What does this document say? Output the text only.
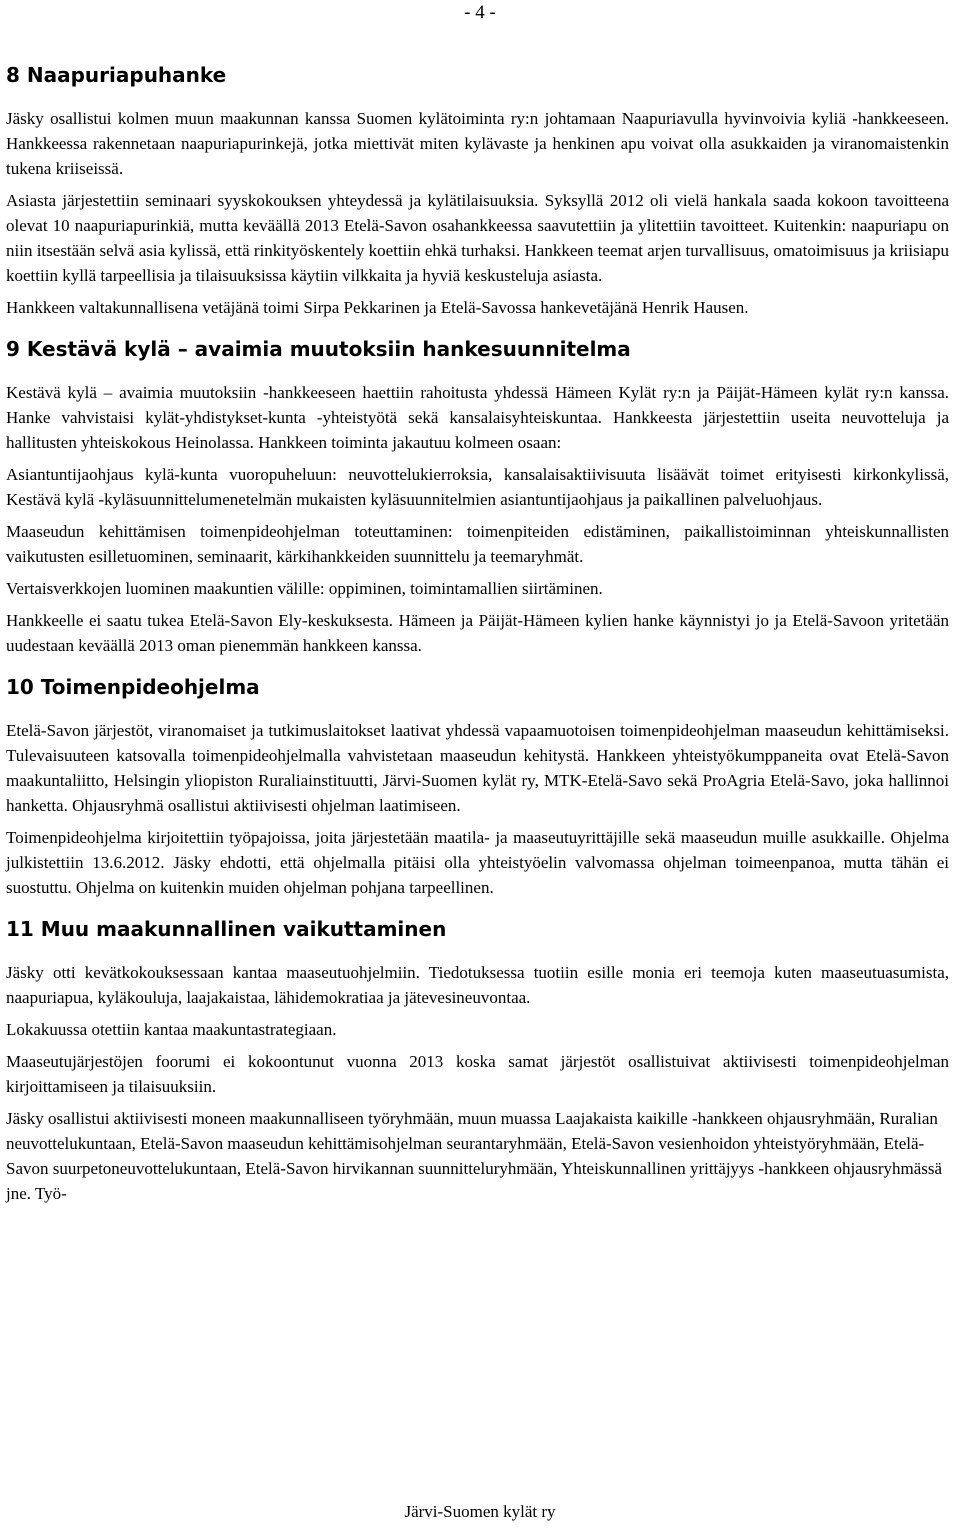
- 4 -
8 Naapuriapuhanke

Jäsky osallistui kolmen muun maakunnan kanssa Suomen kylätoiminta ry:n johtamaan Naapuriavulla hyvinvoivia kyliä -hankkeeseen. Hankkeessa rakennetaan naapuriapurinkejä, jotka miettivät miten kylävaste ja henkinen apu voivat olla asukkaiden ja viranomaistenkin tukena kriiseissä.

Asiasta järjestettiin seminaari syyskokouksen yhteydessä ja kylätilaisuuksia. Syksyllä 2012 oli vielä hankala saada kokoon tavoitteena olevat 10 naapuriapurinkiä, mutta keväällä 2013 Etelä-Savon osahankkeessa saavutettiin ja ylitettiin tavoitteet. Kuitenkin: naapuriapu on niin itsestään selvä asia kylissä, että rinkityöskentely koettiin ehkä turhaksi. Hankkeen teemat arjen turvallisuus, omatoimisuus ja kriisiapu koettiin kyllä tarpeellisia ja tilaisuuksissa käytiin vilkkaita ja hyviä keskusteluja asiasta.

Hankkeen valtakunnallisena vetäjänä toimi Sirpa Pekkarinen ja Etelä-Savossa hankevetäjänä Henrik Hausen.

9 Kestävä kylä – avaimia muutoksiin hankesuunnitelma

Kestävä kylä – avaimia muutoksiin -hankkeeseen haettiin rahoitusta yhdessä Hämeen Kylät ry:n ja Päijät-Hämeen kylät ry:n kanssa. Hanke vahvistaisi kylät-yhdistykset-kunta -yhteistyötä sekä kansalaisyhteiskuntaa. Hankkeesta järjestettiin useita neuvotteluja ja hallitusten yhteiskokous Heinolassa. Hankkeen toiminta jakautuu kolmeen osaan:

Asiantuntijaohjaus kylä-kunta vuoropuheluun: neuvottelukierroksia, kansalaisaktiivisuuta lisäävät toimet erityisesti kirkonkylissä, Kestävä kylä -kyläsuunnittelumenetelmän mukaisten kyläsuunnitelmien asiantuntijaohjaus ja paikallinen palveluohjaus.

Maaseudun kehittämisen toimenpideohjelman toteuttaminen: toimenpiteiden edistäminen, paikallistoiminnan yhteiskunnallisten vaikutusten esilletuominen, seminaarit, kärkihankkeiden suunnittelu ja teemaryhmät.

Vertaisverkkojen luominen maakuntien välille: oppiminen, toimintamallien siirtäminen.

Hankkeelle ei saatu tukea Etelä-Savon Ely-keskuksesta. Hämeen ja Päijät-Hämeen kylien hanke käynnistyi jo ja Etelä-Savoon yritetään uudestaan keväällä 2013 oman pienemmän hankkeen kanssa.

10 Toimenpideohjelma

Etelä-Savon järjestöt, viranomaiset ja tutkimuslaitokset laativat yhdessä vapaamuotoisen toimenpideohjelman maaseudun kehittämiseksi. Tulevaisuuteen katsovalla toimenpideohjelmalla vahvistetaan maaseudun kehitystä. Hankkeen yhteistyökumppaneita ovat Etelä-Savon maakuntaliitto, Helsingin yliopiston Ruraliainstituutti, Järvi-Suomen kylät ry, MTK-Etelä-Savo sekä ProAgria Etelä-Savo, joka hallinnoi hanketta. Ohjausryhmä osallistui aktiivisesti ohjelman laatimiseen.

Toimenpideohjelma kirjoitettiin työpajoissa, joita järjestetään maatila- ja maaseutuyrittäjille sekä maaseudun muille asukkaille. Ohjelma julkistettiin 13.6.2012. Jäsky ehdotti, että ohjelmalla pitäisi olla yhteistyöelin valvomassa ohjelman toimeenpanoa, mutta tähän ei suostuttu. Ohjelma on kuitenkin muiden ohjelman pohjana tarpeellinen.

11 Muu maakunnallinen vaikuttaminen

Jäsky otti kevätkokouksessaan kantaa maaseutuohjelmiin. Tiedotuksessa tuotiin esille monia eri teemoja kuten maaseutuasumista, naapuriapua, kyläkouluja, laajakaistaa, lähidemokratiaa ja jätevesineuvontaa.

Lokakuussa otettiin kantaa maakuntastrategiaan.

Maaseutujärjestöjen foorumi ei kokoontunut vuonna 2013 koska samat järjestöt osallistuivat aktiivisesti toimenpideohjelman kirjoittamiseen ja tilaisuuksiin.

Jäsky osallistui aktiivisesti moneen maakunnalliseen työryhmään, muun muassa Laajakaista kaikille -hankkeen ohjausryhmään, Ruralian neuvottelukuntaan, Etelä-Savon maaseudun kehittämisohjelman seurantaryhmään, Etelä-Savon vesienhoidon yhteistyöryhmään, Etelä-Savon suurpetoneuvottelukuntaan, Etelä-Savon hirvikannan suunnitteluryhmään, Yhteiskunnallinen yrittäjyys -hankkeen ohjausryhmässä jne. Työ-

Järvi-Suomen kylät ry
